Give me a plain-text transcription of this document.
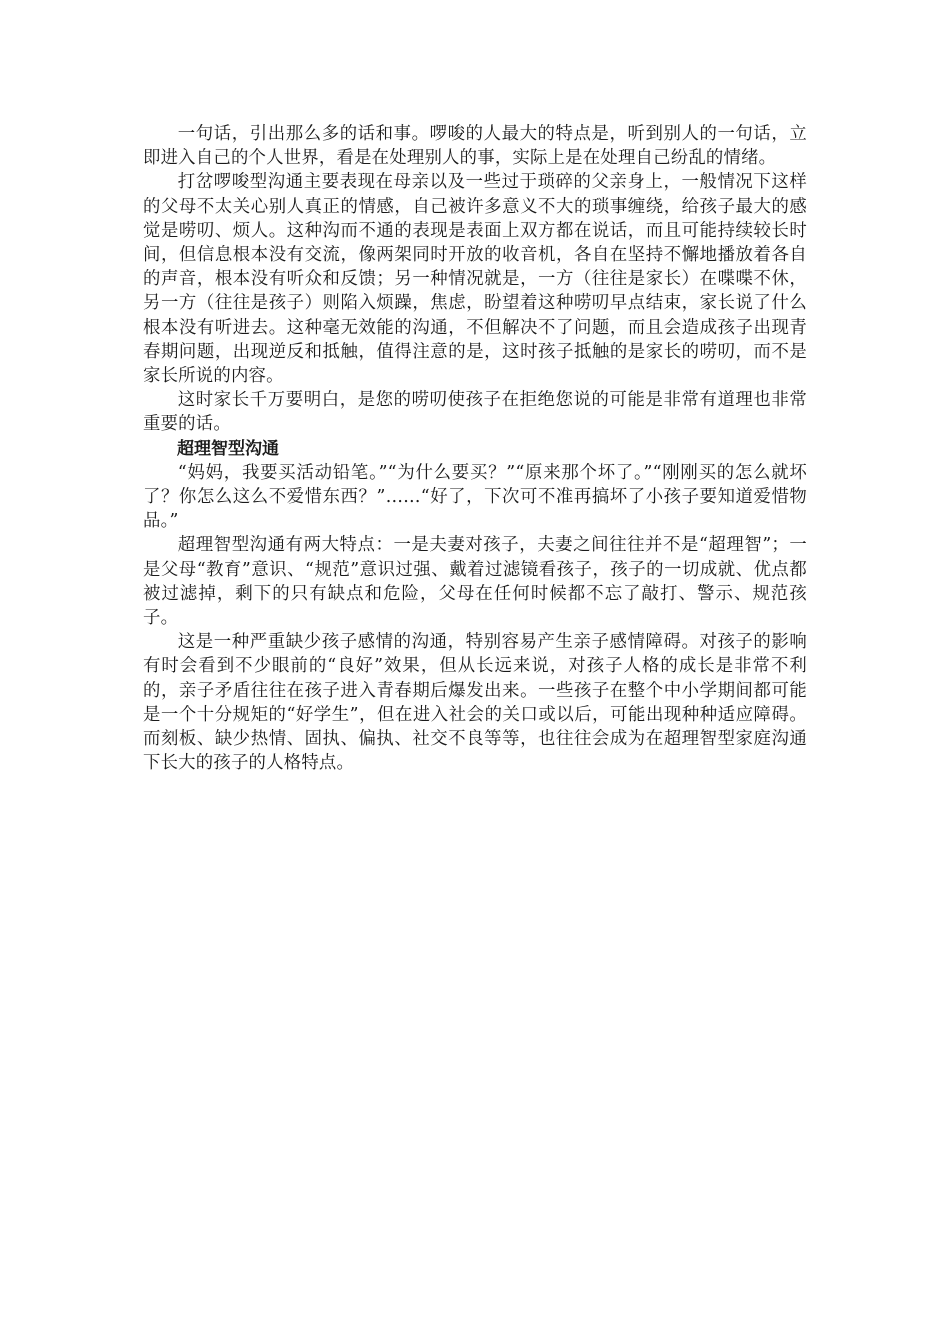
一句话，引出那么多的话和事。啰唆的人最大的特点是，听到别人的一句话，立即进入自己的个人世界，看是在处理别人的事，实际上是在处理自己纷乱的情绪。

打岔啰唆型沟通主要表现在母亲以及一些过于琐碎的父亲身上，一般情况下这样的父母不太关心别人真正的情感，自己被许多意义不大的琐事缠绕，给孩子最大的感觉是唠叨、烦人。这种沟而不通的表现是表面上双方都在说话，而且可能持续较长时间，但信息根本没有交流，像两架同时开放的收音机，各自在坚持不懈地播放着各自的声音，根本没有听众和反馈；另一种情况就是，一方（往往是家长）在喋喋不休，另一方（往往是孩子）则陷入烦躁，焦虑，盼望着这种唠叨早点结束，家长说了什么根本没有听进去。这种毫无效能的沟通，不但解决不了问题，而且会造成孩子出现青春期问题，出现逆反和抵触，值得注意的是，这时孩子抵触的是家长的唠叨，而不是家长所说的内容。

这时家长千万要明白，是您的唠叨使孩子在拒绝您说的可能是非常有道理也非常重要的话。

超理智型沟通

“妈妈，我要买活动铅笔。”“为什么要买？”“原来那个坏了。”“刚刚买的怎么就坏了？你怎么这么不爱惜东西？”……“好了，下次可不准再搞坏了小孩子要知道爱惜物品。”

超理智型沟通有两大特点：一是夫妻对孩子，夫妻之间往往并不是“超理智”；一是父母“教育”意识、“规范”意识过强、戴着过滤镜看孩子，孩子的一切成就、优点都被过滤掉，剩下的只有缺点和危险，父母在任何时候都不忘了敲打、警示、规范孩子。

这是一种严重缺少孩子感情的沟通，特别容易产生亲子感情障碍。对孩子的影响有时会看到不少眼前的“良好”效果，但从长远来说，对孩子人格的成长是非常不利的，亲子矛盾往往在孩子进入青春期后爆发出来。一些孩子在整个中小学期间都可能是一个十分规矩的“好学生”，但在进入社会的关口或以后，可能出现种种适应障碍。而刻板、缺少热情、固执、偏执、社交不良等等，也往往会成为在超理智型家庭沟通下长大的孩子的人格特点。
